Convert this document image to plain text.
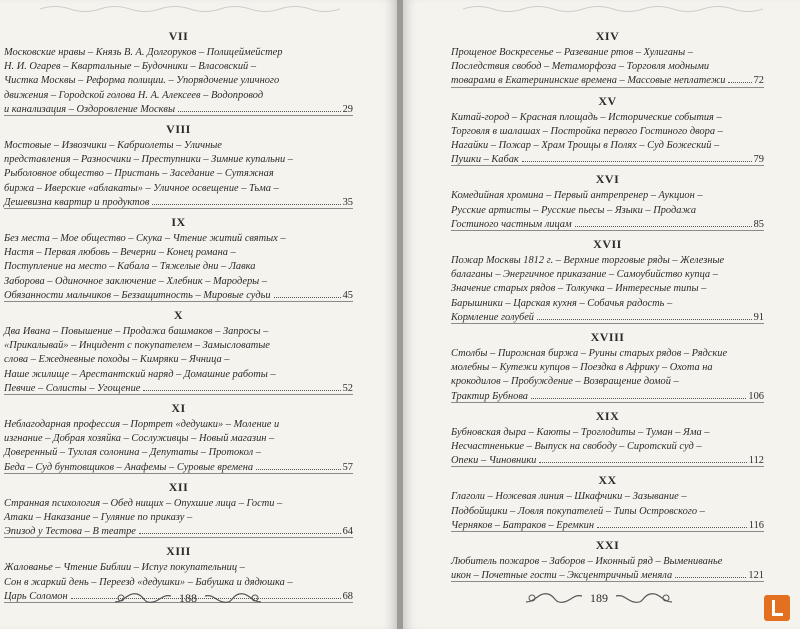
VII
Московские нравы – Князь В. А. Долгоруков – Полицеймейстер
Н. И. Огарев – Квартальные – Будочники – Власовский –
Чистка Москвы – Реформа полиции. – Упорядочение уличного
движения – Городской голова Н. А. Алексеев – Водопровод
и канализация – Оздоровление Москвы	29
VIII
Мостовые – Извозчики – Кабриолеты – Уличные
представления – Разносчики – Преступники – Зимние купальни –
Рыболовное общество – Пристань – Заседание – Сутяжная
биржа – Иверские «аблакаты» – Уличное освещение – Тьма –
Дешевизна квартир и продуктов	35
IX
Без места – Мое общество – Скука – Чтение житий святых –
Настя – Первая любовь – Вечерни – Конец романа –
Поступление на место – Кабала – Тяжелые дни – Лавка
Заборова – Одиночное заключение – Хлебник – Мародеры –
Обязанности мальчиков – Беззащитность – Мировые судьи	45
X
Два Ивана – Повышение – Продажа башмаков – Запросы –
«Прикалывай» – Инцидент с покупателем – Замысловатые
слова – Ежедневные походы – Кимряки – Ячница –
Наше жилище – Арестантский наряд – Домашние работы –
Певчие – Солисты – Угощение	52
XI
Неблагодарная профессия – Портрет «дедушки» – Моление и
изгнание – Добрая хозяйка – Сослуживцы – Новый магазин –
Доверенный – Тухлая солонина – Депутаты – Протокол –
Беда – Суд бунтовщиков – Анафемы – Суровые времена	57
XII
Странная психология – Обед нищих – Опухшие лица – Гости –
Атаки – Наказание – Гуляние по приказу –
Эпизод у Тестова – В театре	64
XIII
Жалованье – Чтение Библии – Испуг покупательниц –
Сон в жаркий день – Переезд «дедушки» – Бабушка и дядюшка –
Царь Соломон	68
188
XIV
Прощеное Воскресенье – Разевание ртов – Хулиганы –
Последствия свобод – Метаморфоза – Торговля модными
товарами в Екатерининские времена – Массовые неплатежи	72
XV
Китай-город – Красная площадь – Исторические события –
Торговля в шалашах – Постройка первого Гостиного двора –
Нагайки – Пожар – Храм Троицы в Полях – Суд Божеский –
Пушки – Кабак	79
XVI
Комедийная хромина – Первый антрепренер – Аукцион –
Русские артисты – Русские пьесы – Языки – Продажа
Гостиного частным лицам	85
XVII
Пожар Москвы 1812 г. – Верхние торговые ряды – Железные
балаганы – Энергичное приказание – Самоубийство купца –
Значение старых рядов – Толкучка – Интересные типы –
Барышники – Царская кухня – Собачья радость –
Кормление голубей	91
XVIII
Столбы – Пирожная биржа – Руины старых рядов – Рядские
молебны – Кутежи купцов – Поездка в Африку – Охота на
крокодилов – Пробуждение – Возвращение домой –
Трактир Бубнова	106
XIX
Бубновская дыра – Каюты – Троглодиты – Туман – Яма –
Несчастненькие – Выпуск на свободу – Сиротский суд –
Опеки – Чиновники	112
XX
Глаголи – Ножевая линия – Шкафчики – Зазывание –
Подбойщики – Ловля покупателей – Типы Островского –
Черняков – Батраков – Еремкин	116
XXI
Любитель пожаров – Заборов – Иконный ряд – Вымениванье
икон – Почетные гости – Эксцентричный меняла	121
189
